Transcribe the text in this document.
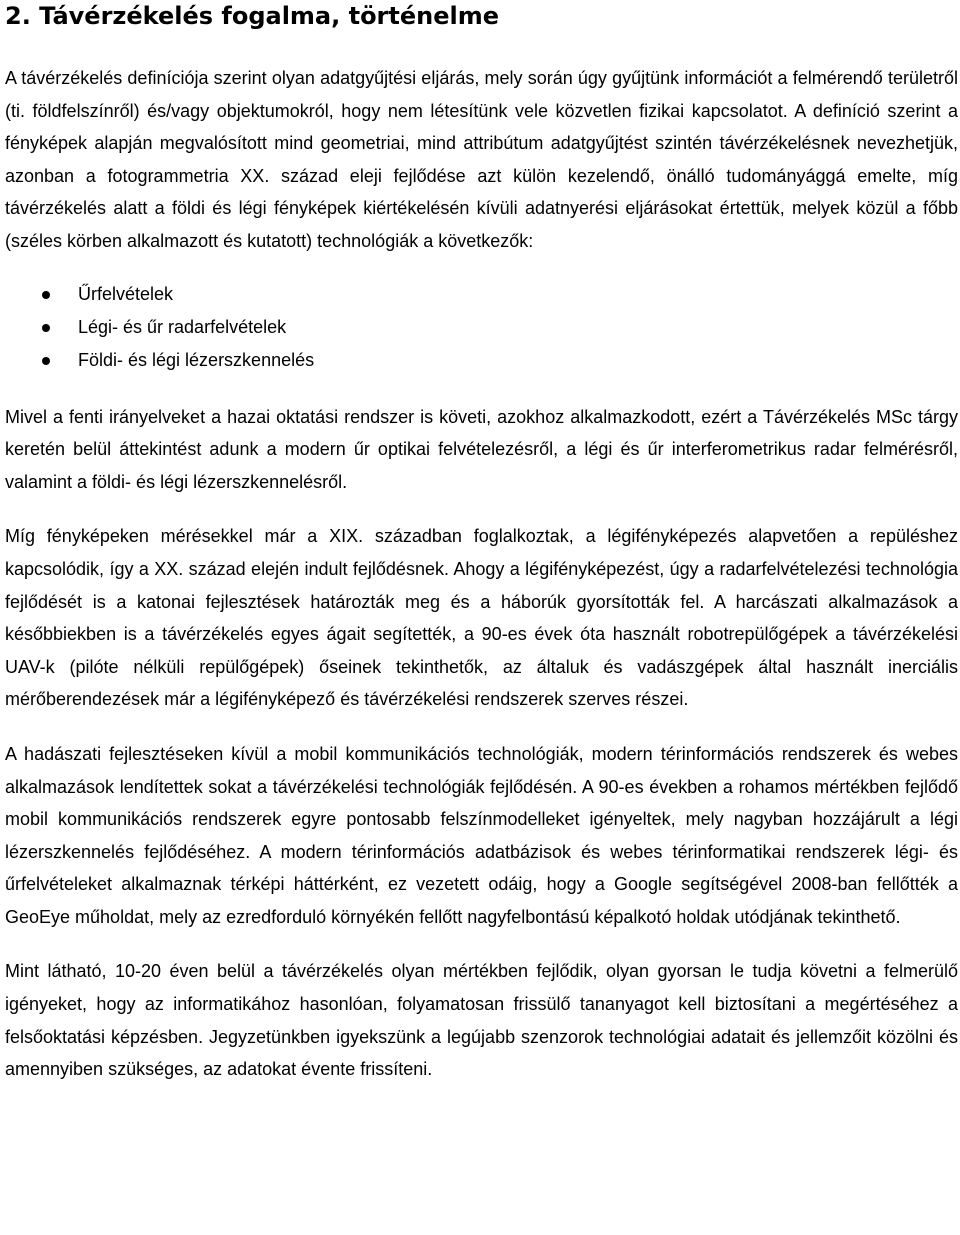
2. Távérzékelés fogalma, történelme

A távérzékelés definíciója szerint olyan adatgyűjtési eljárás, mely során úgy gyűjtünk információt a felmérendő területről (ti. földfelszínről) és/vagy objektumokról, hogy nem létesítünk vele közvetlen fizikai kapcsolatot. A definíció szerint a fényképek alapján megvalósított mind geometriai, mind attribútum adatgyűjtést szintén távérzékelésnek nevezhetjük, azonban a fotogrammetria XX. század eleji fejlődése azt külön kezelendő, önálló tudományággá emelte, míg távérzékelés alatt a földi és légi fényképek kiértékelésén kívüli adatnyerési eljárásokat értettük, melyek közül a főbb (széles körben alkalmazott és kutatott) technológiák a következők:

Űrfelvételek
Légi- és űr radarfelvételek
Földi- és légi lézerszkennelés

Mivel a fenti irányelveket a hazai oktatási rendszer is követi, azokhoz alkalmazkodott, ezért a Távérzékelés MSc tárgy keretén belül áttekintést adunk a modern űr optikai felvételezésről, a légi és űr interferometrikus radar felmérésről, valamint a földi- és légi lézerszkennelésről.

Míg fényképeken mérésekkel már a XIX. században foglalkoztak, a légifényképezés alapvetően a repüléshez kapcsolódik, így a XX. század elején indult fejlődésnek. Ahogy a légifényképezést, úgy a radarfelvételezési technológia fejlődését is a katonai fejlesztések határozták meg és a háborúk gyorsították fel. A harcászati alkalmazások a későbbiekben is a távérzékelés egyes ágait segítették, a 90-es évek óta használt robotrepülőgépek a távérzékelési UAV-k (pilóte nélküli repülőgépek) őseinek tekinthetők, az általuk és vadászgépek által használt inerciális mérőberendezések már a légifényképező és távérzékelési rendszerek szerves részei.

A hadászati fejlesztéseken kívül a mobil kommunikációs technológiák, modern térinformációs rendszerek és webes alkalmazások lendítettek sokat a távérzékelési technológiák fejlődésén. A 90-es években a rohamos mértékben fejlődő mobil kommunikációs rendszerek egyre pontosabb felszínmodelleket igényeltek, mely nagyban hozzájárult a légi lézerszkennelés fejlődéséhez. A modern térinformációs adatbázisok és webes térinformatikai rendszerek légi- és űrfelvételeket alkalmaznak térképi háttérként, ez vezetett odáig, hogy a Google segítségével 2008-ban fellőtték a GeoEye műholdat, mely az ezredforduló környékén fellőtt nagyfelbontású képalkotó holdak utódjának tekinthető.

Mint látható, 10-20 éven belül a távérzékelés olyan mértékben fejlődik, olyan gyorsan le tudja követni a felmerülő igényeket, hogy az informatikához hasonlóan, folyamatosan frissülő tananyagot kell biztosítani a megértéséhez a felsőoktatási képzésben. Jegyzetünkben igyekszünk a legújabb szenzorok technológiai adatait és jellemzőit közölni és amennyiben szükséges, az adatokat évente frissíteni.
